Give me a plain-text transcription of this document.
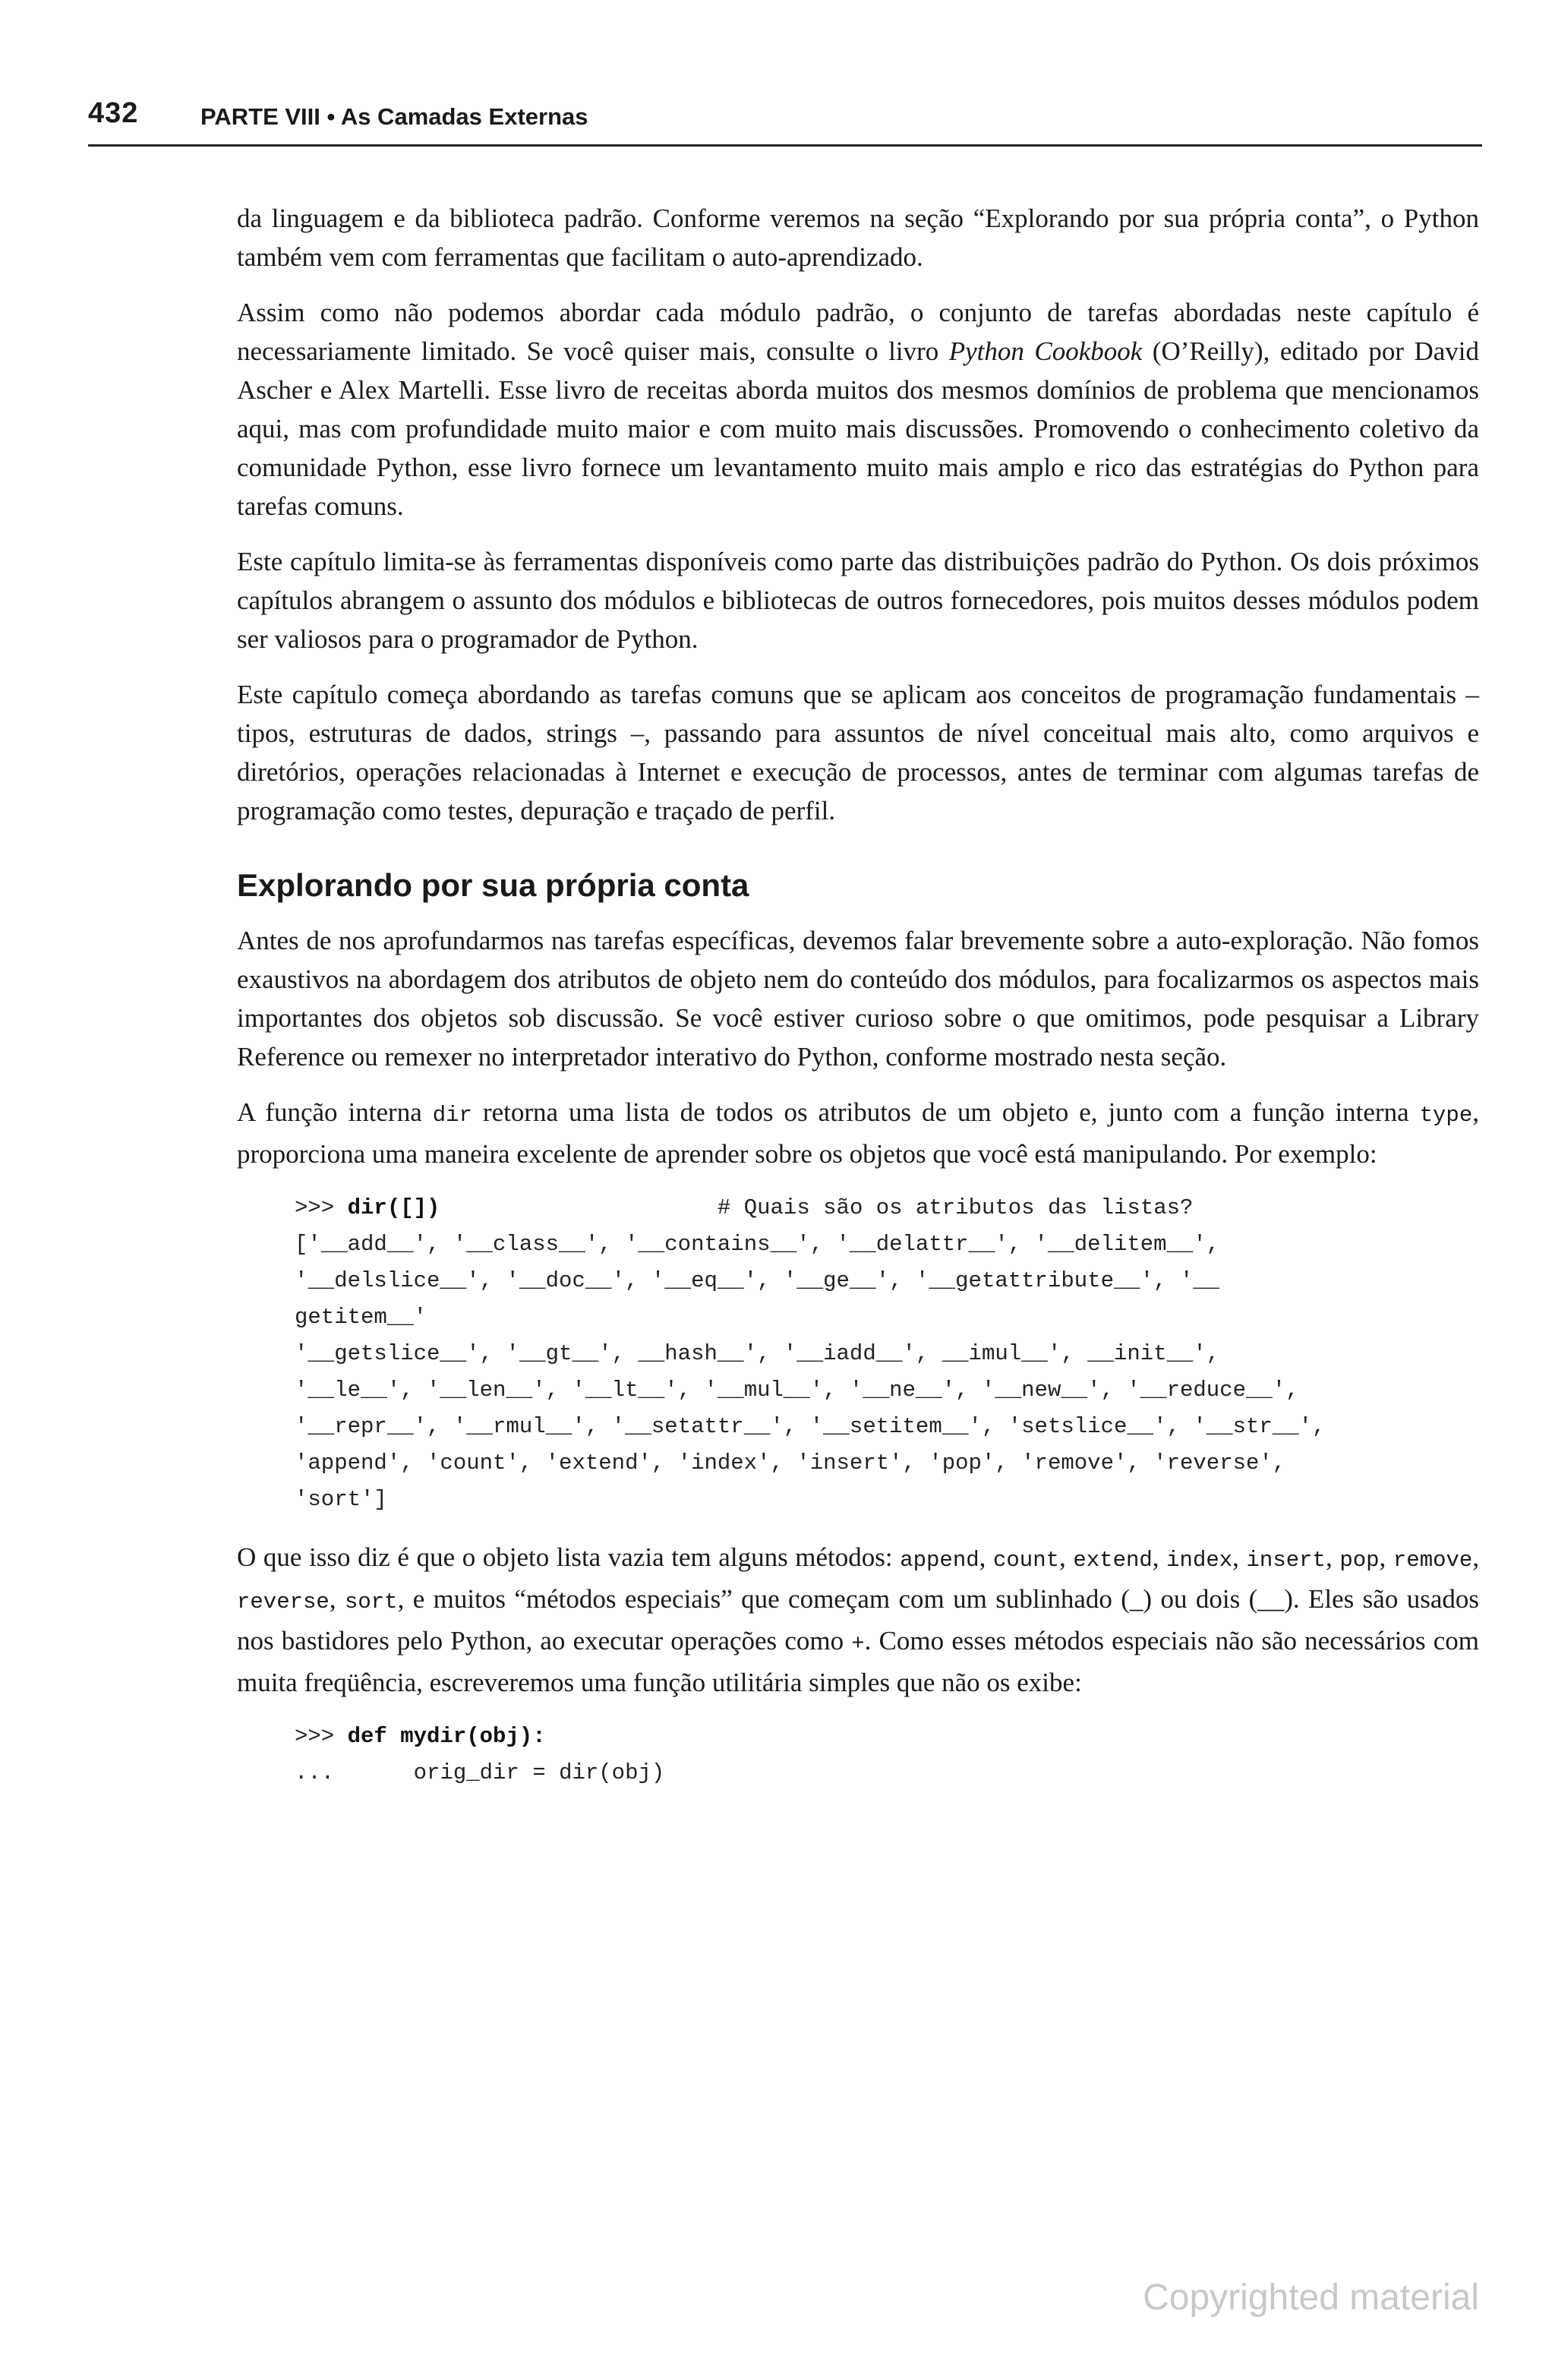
432	PARTE VIII • As Camadas Externas

da linguagem e da biblioteca padrão. Conforme veremos na seção “Explorando por sua própria conta”, o Python também vem com ferramentas que facilitam o auto-aprendizado.

Assim como não podemos abordar cada módulo padrão, o conjunto de tarefas abordadas neste capítulo é necessariamente limitado. Se você quiser mais, consulte o livro Python Cookbook (O’Reilly), editado por David Ascher e Alex Martelli. Esse livro de receitas aborda muitos dos mesmos domínios de problema que mencionamos aqui, mas com profundidade muito maior e com muito mais discussões. Promovendo o conhecimento coletivo da comunidade Python, esse livro fornece um levantamento muito mais amplo e rico das estratégias do Python para tarefas comuns.

Este capítulo limita-se às ferramentas disponíveis como parte das distribuições padrão do Python. Os dois próximos capítulos abrangem o assunto dos módulos e bibliotecas de outros fornecedores, pois muitos desses módulos podem ser valiosos para o programador de Python.

Este capítulo começa abordando as tarefas comuns que se aplicam aos conceitos de programação fundamentais – tipos, estruturas de dados, strings –, passando para assuntos de nível conceitual mais alto, como arquivos e diretórios, operações relacionadas à Internet e execução de processos, antes de terminar com algumas tarefas de programação como testes, depuração e traçado de perfil.

Explorando por sua própria conta

Antes de nos aprofundarmos nas tarefas específicas, devemos falar brevemente sobre a auto-exploração. Não fomos exaustivos na abordagem dos atributos de objeto nem do conteúdo dos módulos, para focalizarmos os aspectos mais importantes dos objetos sob discussão. Se você estiver curioso sobre o que omitimos, pode pesquisar a Library Reference ou remexer no interpretador interativo do Python, conforme mostrado nesta seção.

A função interna dir retorna uma lista de todos os atributos de um objeto e, junto com a função interna type, proporciona uma maneira excelente de aprender sobre os objetos que você está manipulando. Por exemplo:

>>> dir([])	# Quais são os atributos das listas?
['__add__', '__class__', '__contains__', '__delattr__', '__delitem__',
'__delslice__', '__doc__', '__eq__', '__ge__', '__getattribute__', '__
getitem__'
'__getslice__', '__gt__', __hash__', '__iadd__', __imul__', __init__',
'__le__', '__len__', '__lt__', '__mul__', '__ne__', '__new__', '__reduce__',
'__repr__', '__rmul__', '__setattr__', '__setitem__', 'setslice__', '__str__',
'append', 'count', 'extend', 'index', 'insert', 'pop', 'remove', 'reverse',
'sort']

O que isso diz é que o objeto lista vazia tem alguns métodos: append, count, extend, index, insert, pop, remove, reverse, sort, e muitos “métodos especiais” que começam com um sublinhado (_) ou dois (__). Eles são usados nos bastidores pelo Python, ao executar operações como +. Como esses métodos especiais não são necessários com muita freqüência, escreveremos uma função utilitária simples que não os exibe:

>>> def mydir(obj):
...      orig_dir = dir(obj)
Copyrighted material
